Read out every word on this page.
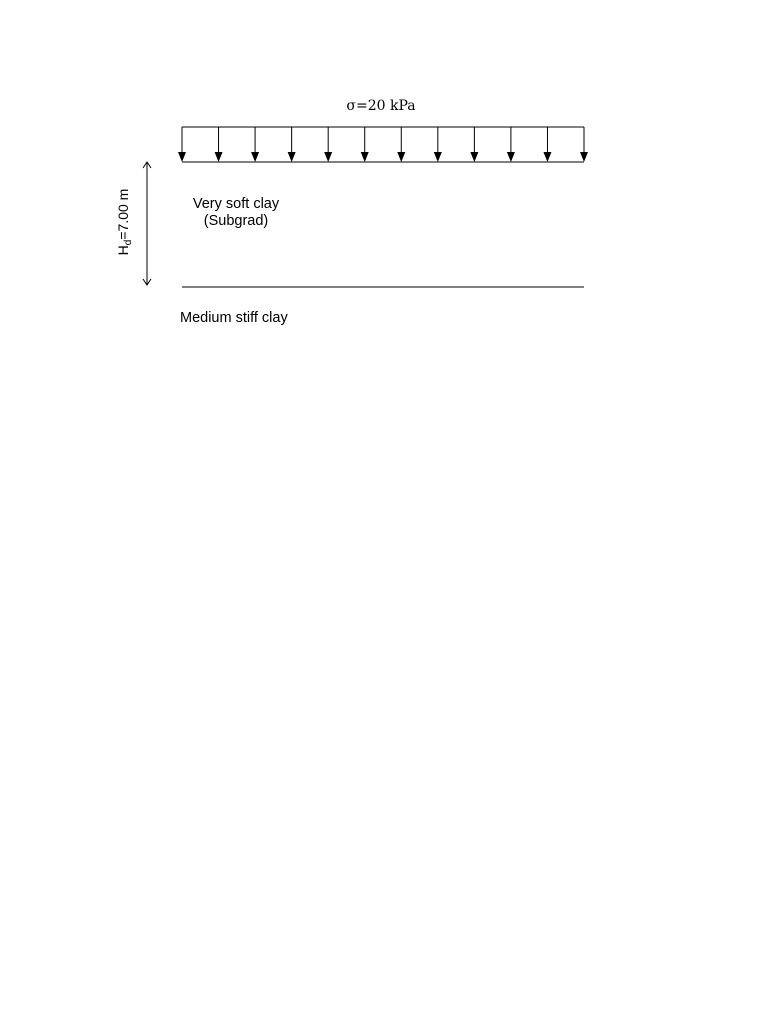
σ=20 kPa
Very soft clay
(Subgrad)
Medium stiff clay
$H_d=7.00$ m
